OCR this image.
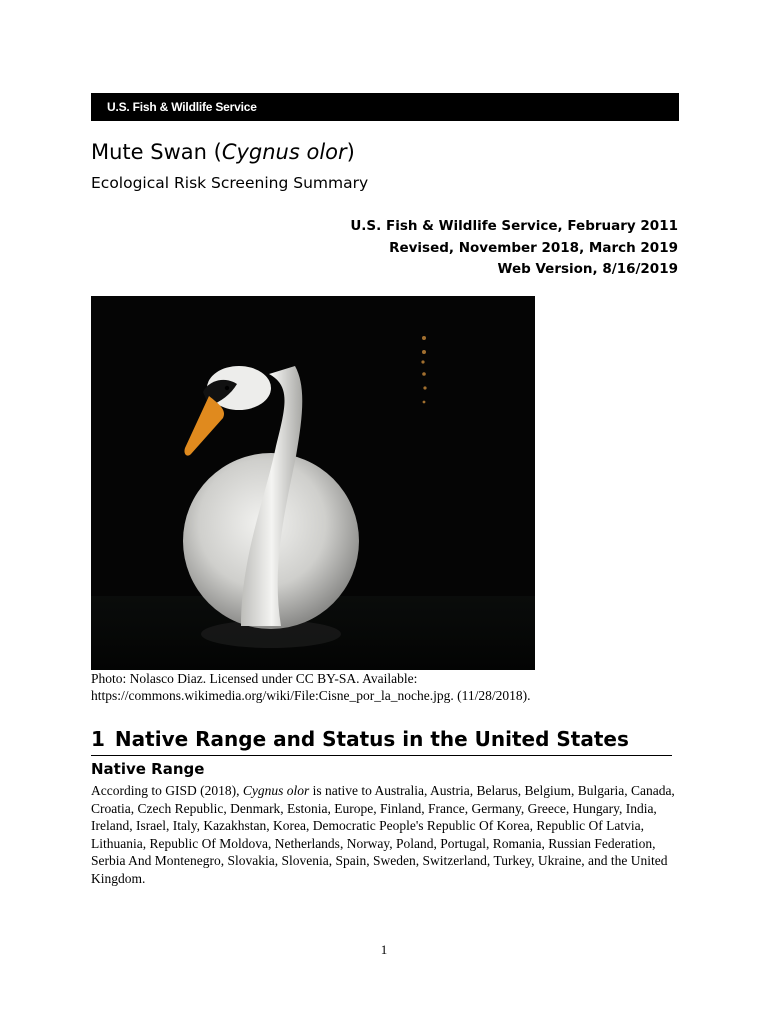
U.S. Fish & Wildlife Service
Mute Swan (Cygnus olor)
Ecological Risk Screening Summary
U.S. Fish & Wildlife Service, February 2011
Revised, November 2018, March 2019
Web Version, 8/16/2019
Photo: Nolasco Diaz. Licensed under CC BY-SA. Available:
https://commons.wikimedia.org/wiki/File:Cisne_por_la_noche.jpg. (11/28/2018).
1 Native Range and Status in the United States
Native Range

According to GISD (2018), Cygnus olor is native to Australia, Austria, Belarus, Belgium, Bulgaria, Canada, Croatia, Czech Republic, Denmark, Estonia, Europe, Finland, France, Germany, Greece, Hungary, India, Ireland, Israel, Italy, Kazakhstan, Korea, Democratic People's Republic Of Korea, Republic Of Latvia, Lithuania, Republic Of Moldova, Netherlands, Norway, Poland, Portugal, Romania, Russian Federation, Serbia And Montenegro, Slovakia, Slovenia, Spain, Sweden, Switzerland, Turkey, Ukraine, and the United Kingdom.

1
